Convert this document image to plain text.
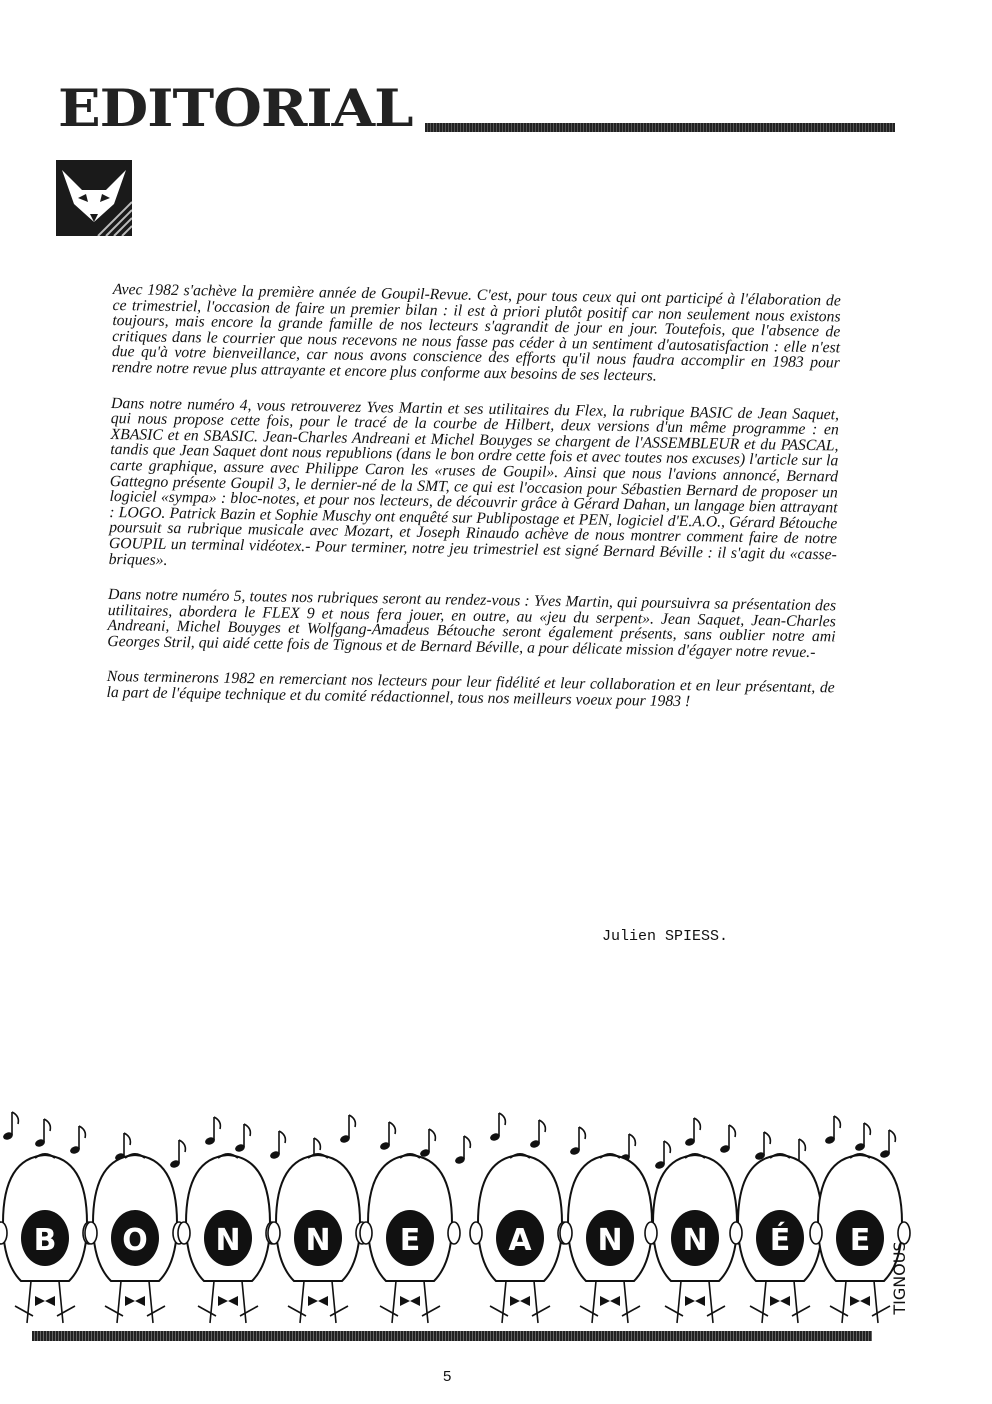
EDITORIAL

Avec 1982 s'achève la première année de Goupil-Revue. C'est, pour tous ceux qui ont participé à l'élaboration de ce trimestriel, l'occasion de faire un premier bilan : il est à priori plutôt positif car non seulement nous existons toujours, mais encore la grande famille de nos lecteurs s'agrandit de jour en jour. Toutefois, que l'absence de critiques dans le courrier que nous recevons ne nous fasse pas céder à un sentiment d'autosatisfaction : elle n'est due qu'à votre bienveillance, car nous avons conscience des efforts qu'il nous faudra accomplir en 1983 pour rendre notre revue plus attrayante et encore plus conforme aux besoins de ses lecteurs.

Dans notre numéro 4, vous retrouverez Yves Martin et ses utilitaires du Flex, la rubrique BASIC de Jean Saquet, qui nous propose cette fois, pour le tracé de la courbe de Hilbert, deux versions d'un même programme : en XBASIC et en SBASIC. Jean-Charles Andreani et Michel Bouyges se chargent de l'ASSEMBLEUR et du PASCAL, tandis que Jean Saquet dont nous republions (dans le bon ordre cette fois et avec toutes nos excuses) l'article sur la carte graphique, assure avec Philippe Caron les «ruses de Goupil». Ainsi que nous l'avions annoncé, Bernard Gattegno présente Goupil 3, le dernier-né de la SMT, ce qui est l'occasion pour Sébastien Bernard de proposer un logiciel «sympa» : bloc-notes, et pour nos lecteurs, de découvrir grâce à Gérard Dahan, un langage bien attrayant : LOGO. Patrick Bazin et Sophie Muschy ont enquêté sur Publipostage et PEN, logiciel d'E.A.O., Gérard Bétouche poursuit sa rubrique musicale avec Mozart, et Joseph Rinaudo achève de nous montrer comment faire de notre GOUPIL un terminal vidéotex.- Pour terminer, notre jeu trimestriel est signé Bernard Béville : il s'agit du «casse-briques».

Dans notre numéro 5, toutes nos rubriques seront au rendez-vous : Yves Martin, qui poursuivra sa présentation des utilitaires, abordera le FLEX 9 et nous fera jouer, en outre, au «jeu du serpent». Jean Saquet, Jean-Charles Andreani, Michel Bouyges et Wolfgang-Amadeus Bétouche seront également présents, sans oublier notre ami Georges Stril, qui aidé cette fois de Tignous et de Bernard Béville, a pour délicate mission d'égayer notre revue.-

Nous terminerons 1982 en remerciant nos lecteurs pour leur fidélité et leur collaboration et en leur présentant, de la part de l'équipe technique et du comité rédactionnel, tous nos meilleurs voeux pour 1983 !

Julien SPIESS.
B O N N E	A N N É E
TIGNOUS
5
